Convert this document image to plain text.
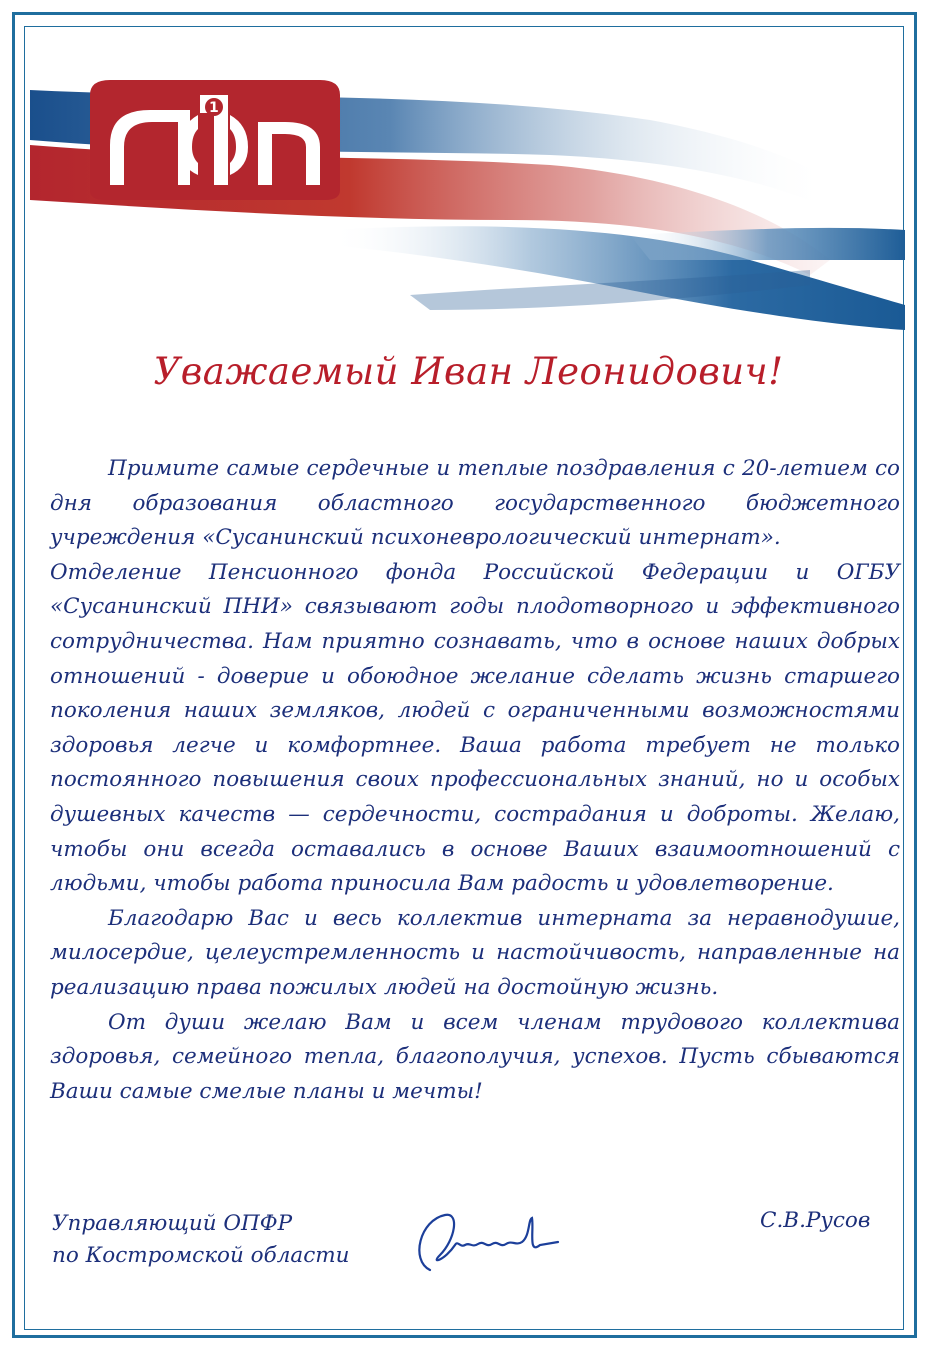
1
Уважаемый Иван Леонидович!

Примите самые сердечные и теплые поздравления с 20-летием со дня образования областного государственного бюджетного учреждения «Сусанинский психоневрологический интернат».

Отделение Пенсионного фонда Российской Федерации и ОГБУ «Сусанинский ПНИ» связывают годы плодотворного и эффективного сотрудничества. Нам приятно сознавать, что в основе наших добрых отношений - доверие и обоюдное желание сделать жизнь старшего поколения наших земляков, людей с ограниченными возможностями здоровья легче и комфортнее. Ваша работа требует не только постоянного повышения своих профессиональных знаний, но и особых душевных качеств — сердечности, сострадания и доброты. Желаю, чтобы они всегда оставались в основе Ваших взаимоотношений с людьми, чтобы работа приносила Вам радость и удовлетворение.

Благодарю Вас и весь коллектив интерната за неравнодушие, милосердие, целеустремленность и настойчивость, направленные на реализацию права пожилых людей на достойную жизнь.

От души желаю Вам и всем членам трудового коллектива здоровья, семейного тепла, благополучия, успехов. Пусть сбываются Ваши самые смелые планы и мечты!

Управляющий ОПФР
по Костромской области
С.В.Русов
